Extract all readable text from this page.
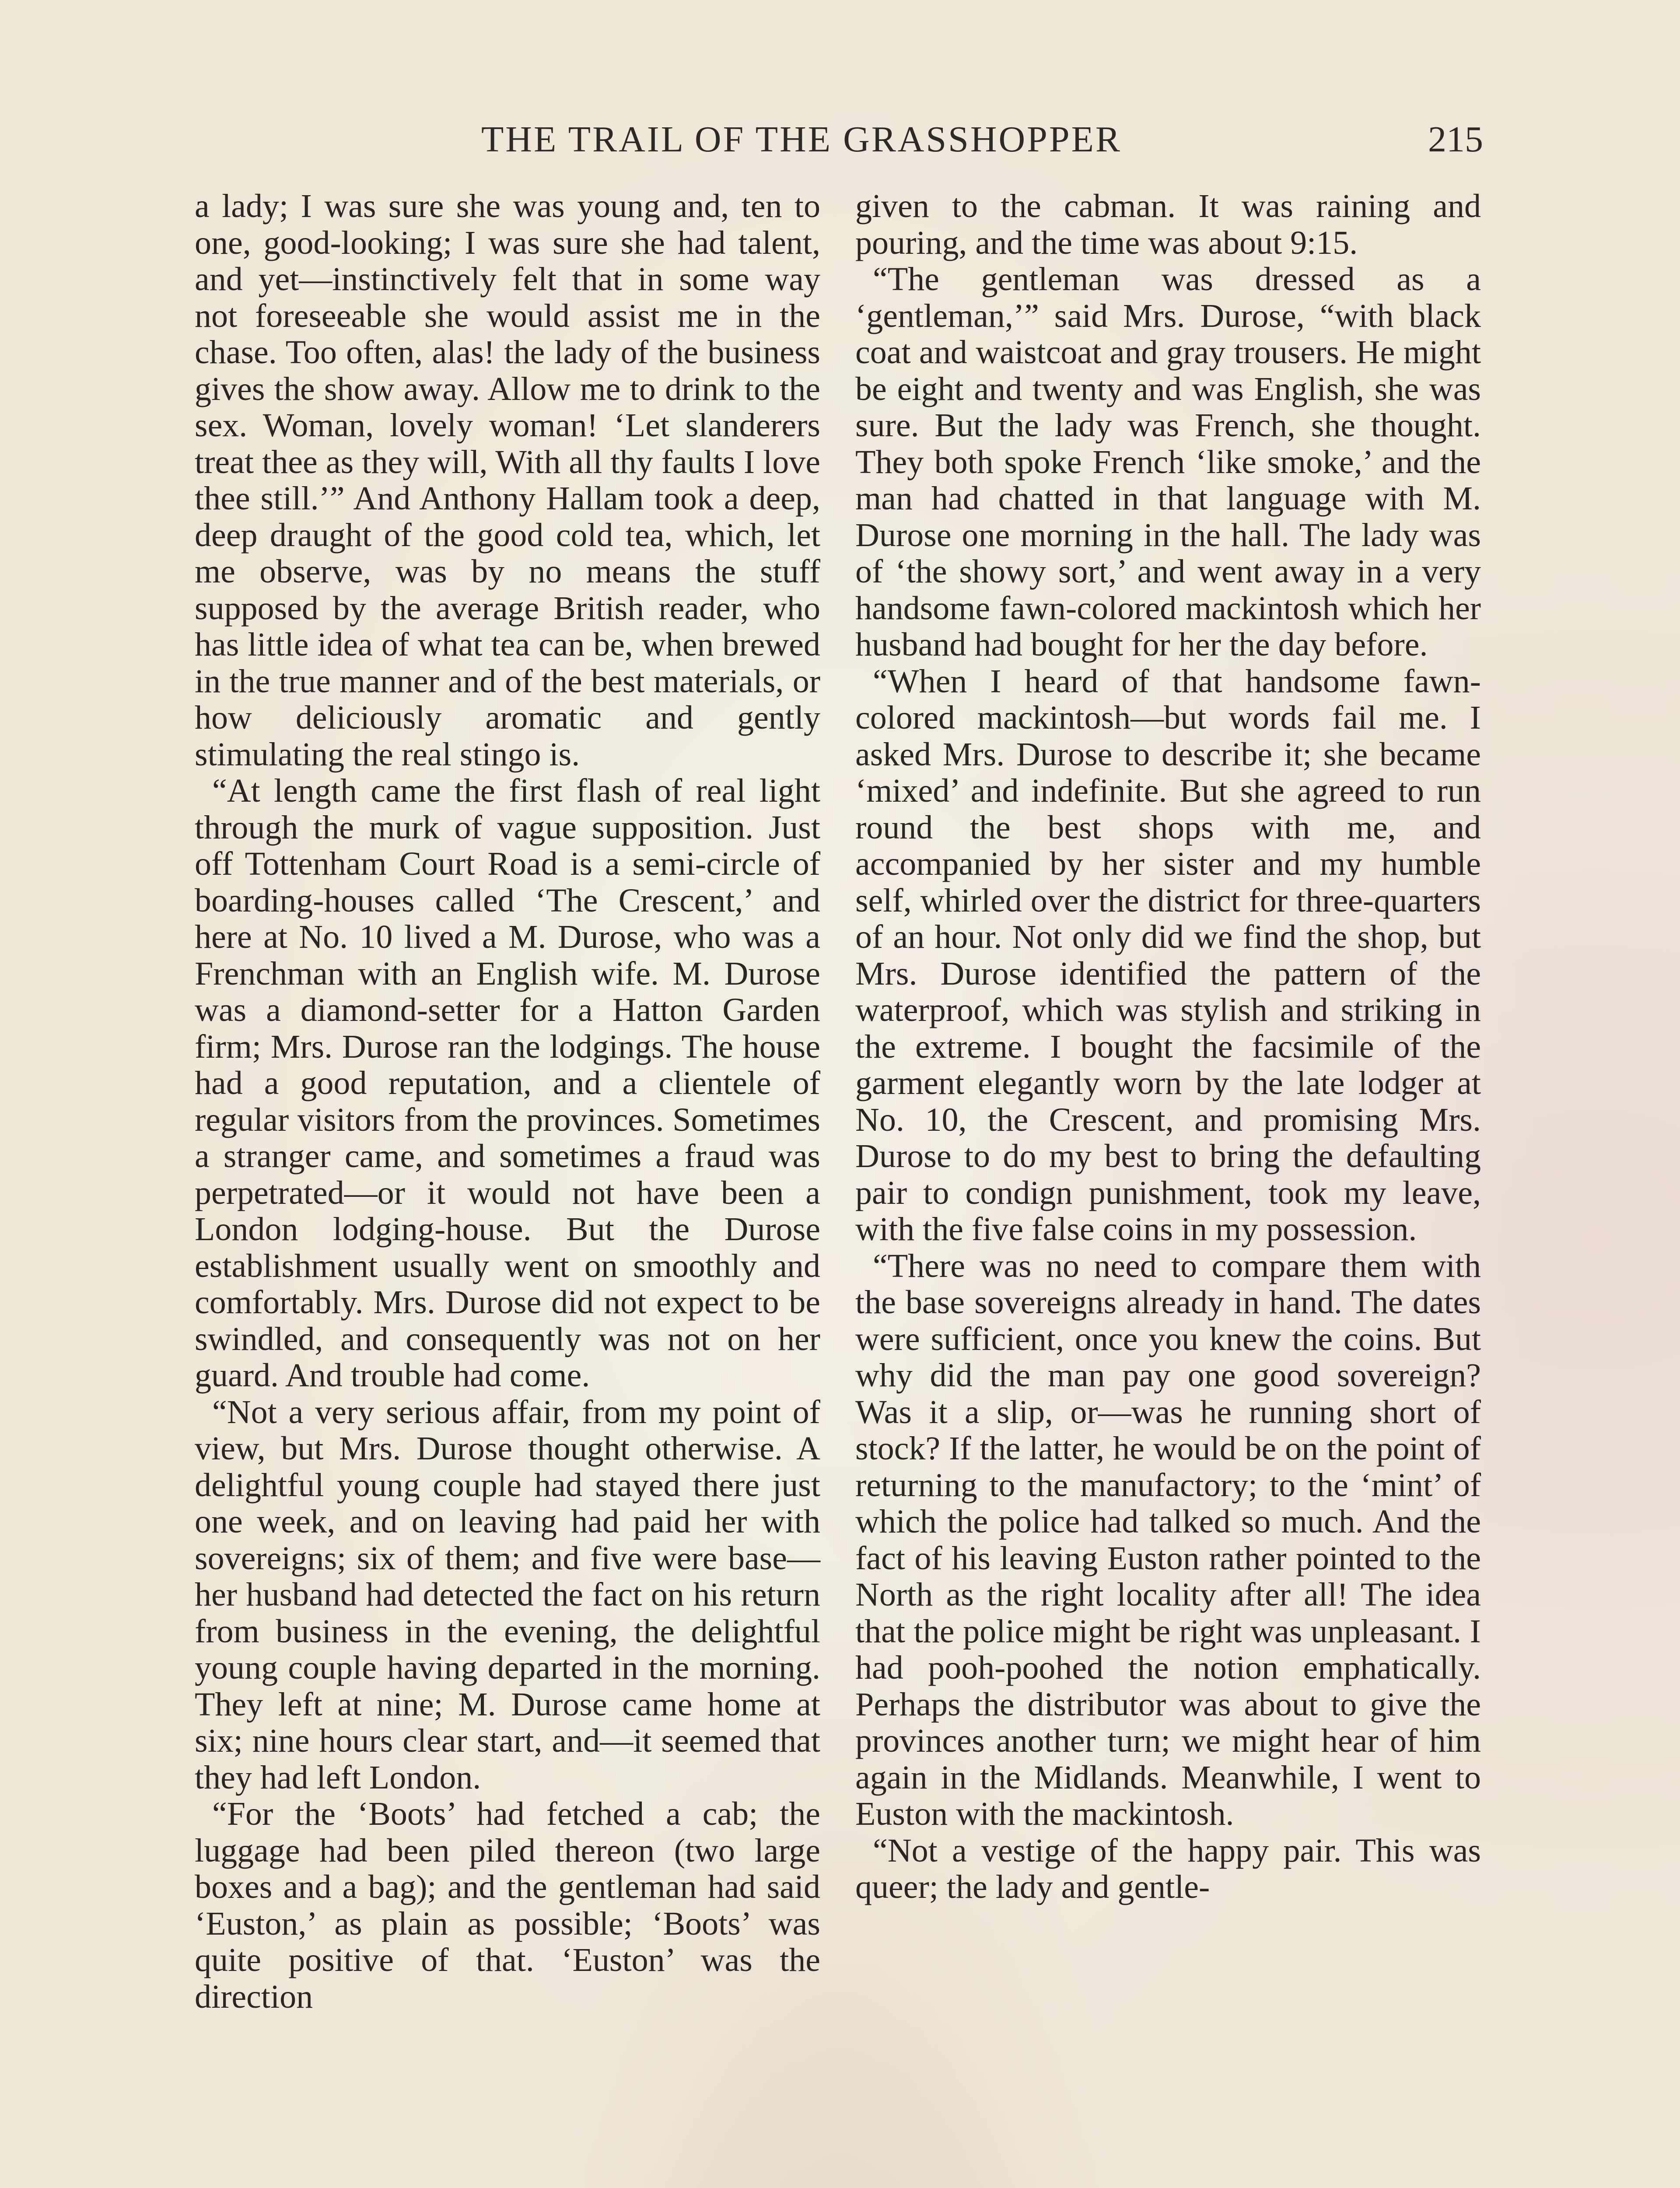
THE TRAIL OF THE GRASSHOPPER	215

a lady; I was sure she was young and, ten to one, good-looking; I was sure she had talent, and yet—instinctively felt that in some way not foreseeable she would assist me in the chase. Too often, alas! the lady of the business gives the show away. Allow me to drink to the sex. Woman, lovely woman! ‘Let slanderers treat thee as they will, With all thy faults I love thee still.’” And Anthony Hallam took a deep, deep draught of the good cold tea, which, let me observe, was by no means the stuff supposed by the average British reader, who has little idea of what tea can be, when brewed in the true manner and of the best materials, or how deliciously aromatic and gently stimulating the real stingo is.

“At length came the first flash of real light through the murk of vague supposition. Just off Tottenham Court Road is a semi-circle of boarding-houses called ‘The Crescent,’ and here at No. 10 lived a M. Durose, who was a Frenchman with an English wife. M. Durose was a diamond-setter for a Hatton Garden firm; Mrs. Durose ran the lodgings. The house had a good reputation, and a clientele of regular visitors from the provinces. Sometimes a stranger came, and sometimes a fraud was perpetrated—or it would not have been a London lodging-house. But the Durose establishment usually went on smoothly and comfortably. Mrs. Durose did not expect to be swindled, and consequently was not on her guard. And trouble had come.

“Not a very serious affair, from my point of view, but Mrs. Durose thought otherwise. A delightful young couple had stayed there just one week, and on leaving had paid her with sovereigns; six of them; and five were base—her husband had detected the fact on his return from business in the evening, the delightful young couple having departed in the morning. They left at nine; M. Durose came home at six; nine hours clear start, and—it seemed that they had left London.

“For the ‘Boots’ had fetched a cab; the luggage had been piled thereon (two large boxes and a bag); and the gentleman had said ‘Euston,’ as plain as possible; ‘Boots’ was quite positive of that. ‘Euston’ was the direction

given to the cabman. It was raining and pouring, and the time was about 9:15.

“The gentleman was dressed as a ‘gentleman,’” said Mrs. Durose, “with black coat and waistcoat and gray trousers. He might be eight and twenty and was English, she was sure. But the lady was French, she thought. They both spoke French ‘like smoke,’ and the man had chatted in that language with M. Durose one morning in the hall. The lady was of ‘the showy sort,’ and went away in a very handsome fawn-colored mackintosh which her husband had bought for her the day before.

“When I heard of that handsome fawn-colored mackintosh—but words fail me. I asked Mrs. Durose to describe it; she became ‘mixed’ and indefinite. But she agreed to run round the best shops with me, and accompanied by her sister and my humble self, whirled over the district for three-quarters of an hour. Not only did we find the shop, but Mrs. Durose identified the pattern of the waterproof, which was stylish and striking in the extreme. I bought the facsimile of the garment elegantly worn by the late lodger at No. 10, the Crescent, and promising Mrs. Durose to do my best to bring the defaulting pair to condign punishment, took my leave, with the five false coins in my possession.

“There was no need to compare them with the base sovereigns already in hand. The dates were sufficient, once you knew the coins. But why did the man pay one good sovereign? Was it a slip, or—was he running short of stock? If the latter, he would be on the point of returning to the manufactory; to the ‘mint’ of which the police had talked so much. And the fact of his leaving Euston rather pointed to the North as the right locality after all! The idea that the police might be right was unpleasant. I had pooh-poohed the notion emphatically. Perhaps the distributor was about to give the provinces another turn; we might hear of him again in the Midlands. Meanwhile, I went to Euston with the mackintosh.

“Not a vestige of the happy pair. This was queer; the lady and gentle-
